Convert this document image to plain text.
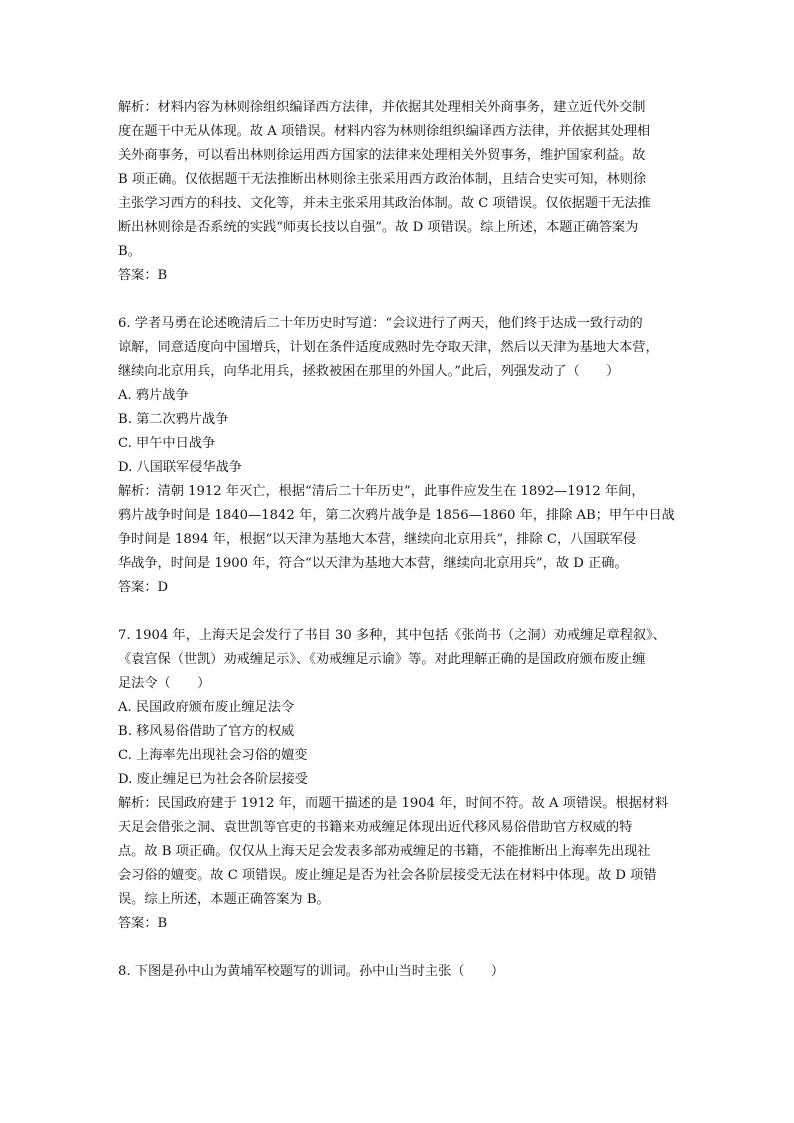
解析：材料内容为林则徐组织编译西方法律，并依据其处理相关外商事务，建立近代外交制
度在题干中无从体现。故 A 项错误。材料内容为林则徐组织编译西方法律，并依据其处理相
关外商事务，可以看出林则徐运用西方国家的法律来处理相关外贸事务，维护国家利益。故
B 项正确。仅依据题干无法推断出林则徐主张采用西方政治体制，且结合史实可知，林则徐
主张学习西方的科技、文化等，并未主张采用其政治体制。故 C 项错误。仅依据题干无法推
断出林则徐是否系统的实践“师夷长技以自强”。故 D 项错误。综上所述，本题正确答案为
B。
答案：B
6. 学者马勇在论述晚清后二十年历史时写道：“会议进行了两天，他们终于达成一致行动的
谅解，同意适度向中国增兵，计划在条件适度成熟时先夺取天津，然后以天津为基地大本营，
继续向北京用兵，向华北用兵，拯救被困在那里的外国人。”此后，列强发动了（　　）
A. 鸦片战争
B. 第二次鸦片战争
C. 甲午中日战争
D. 八国联军侵华战争
解析：清朝 1912 年灭亡，根据“清后二十年历史”，此事件应发生在 1892—1912 年间，
鸦片战争时间是 1840—1842 年，第二次鸦片战争是 1856—1860 年，排除 AB；甲午中日战
争时间是 1894 年，根据“以天津为基地大本营，继续向北京用兵”，排除 C，八国联军侵
华战争，时间是 1900 年，符合“以天津为基地大本营，继续向北京用兵”，故 D 正确。
答案：D
7. 1904 年，上海天足会发行了书目 30 多种，其中包括《张尚书（之洞）劝戒缠足章程叙》、
《袁宫保（世凯）劝戒缠足示》、《劝戒缠足示谕》等。对此理解正确的是国政府颁布废止缠
足法令（　　）
A. 民国政府颁布废止缠足法令
B. 移风易俗借助了官方的权威
C. 上海率先出现社会习俗的嬗变
D. 废止缠足已为社会各阶层接受
解析：民国政府建于 1912 年，而题干描述的是 1904 年，时间不符。故 A 项错误。根据材料
天足会借张之洞、袁世凯等官吏的书籍来劝戒缠足体现出近代移风易俗借助官方权威的特
点。故 B 项正确。仅仅从上海天足会发表多部劝戒缠足的书籍，不能推断出上海率先出现社
会习俗的嬗变。故 C 项错误。废止缠足是否为社会各阶层接受无法在材料中体现。故 D 项错
误。综上所述，本题正确答案为 B。
答案：B
8. 下图是孙中山为黄埔军校题写的训词。孙中山当时主张（　　）
